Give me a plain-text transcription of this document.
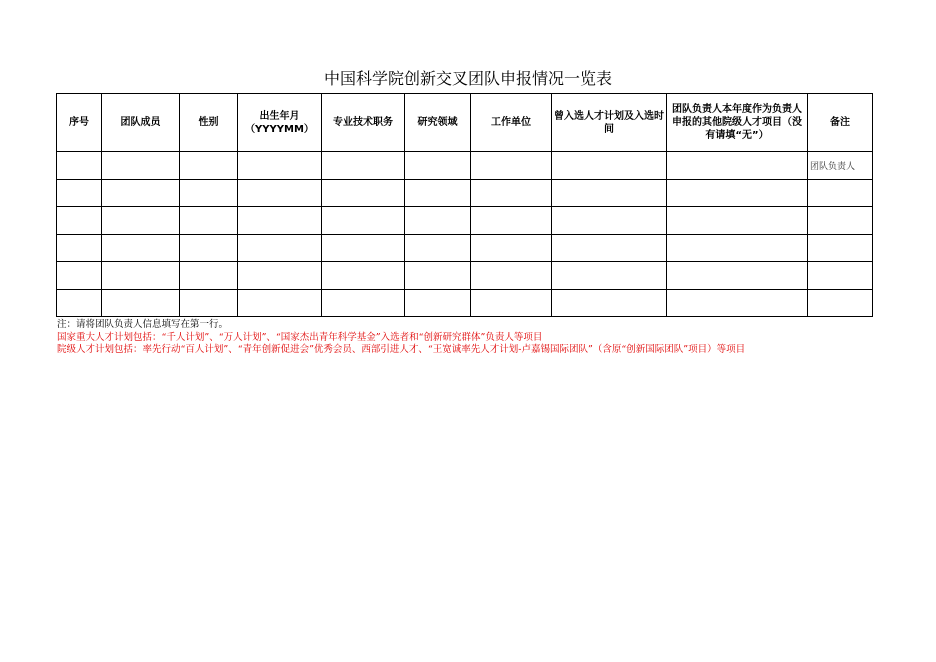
中国科学院创新交叉团队申报情况一览表
序号	团队成员	性别	出生年月（YYYYMM）	专业技术职务	研究领域	工作单位	曾入选人才计划及入选时间	团队负责人本年度作为负责人申报的其他院级人才项目（没有请填“无”）	备注
									团队负责人

注：请将团队负责人信息填写在第一行。
国家重大人才计划包括：“千人计划”、“万人计划”、“国家杰出青年科学基金”入选者和“创新研究群体”负责人等项目
院级人才计划包括：率先行动“百人计划”、“青年创新促进会”优秀会员、西部引进人才、“王宽诚率先人才计划-卢嘉锡国际团队”（含原“创新国际团队”项目）等项目
